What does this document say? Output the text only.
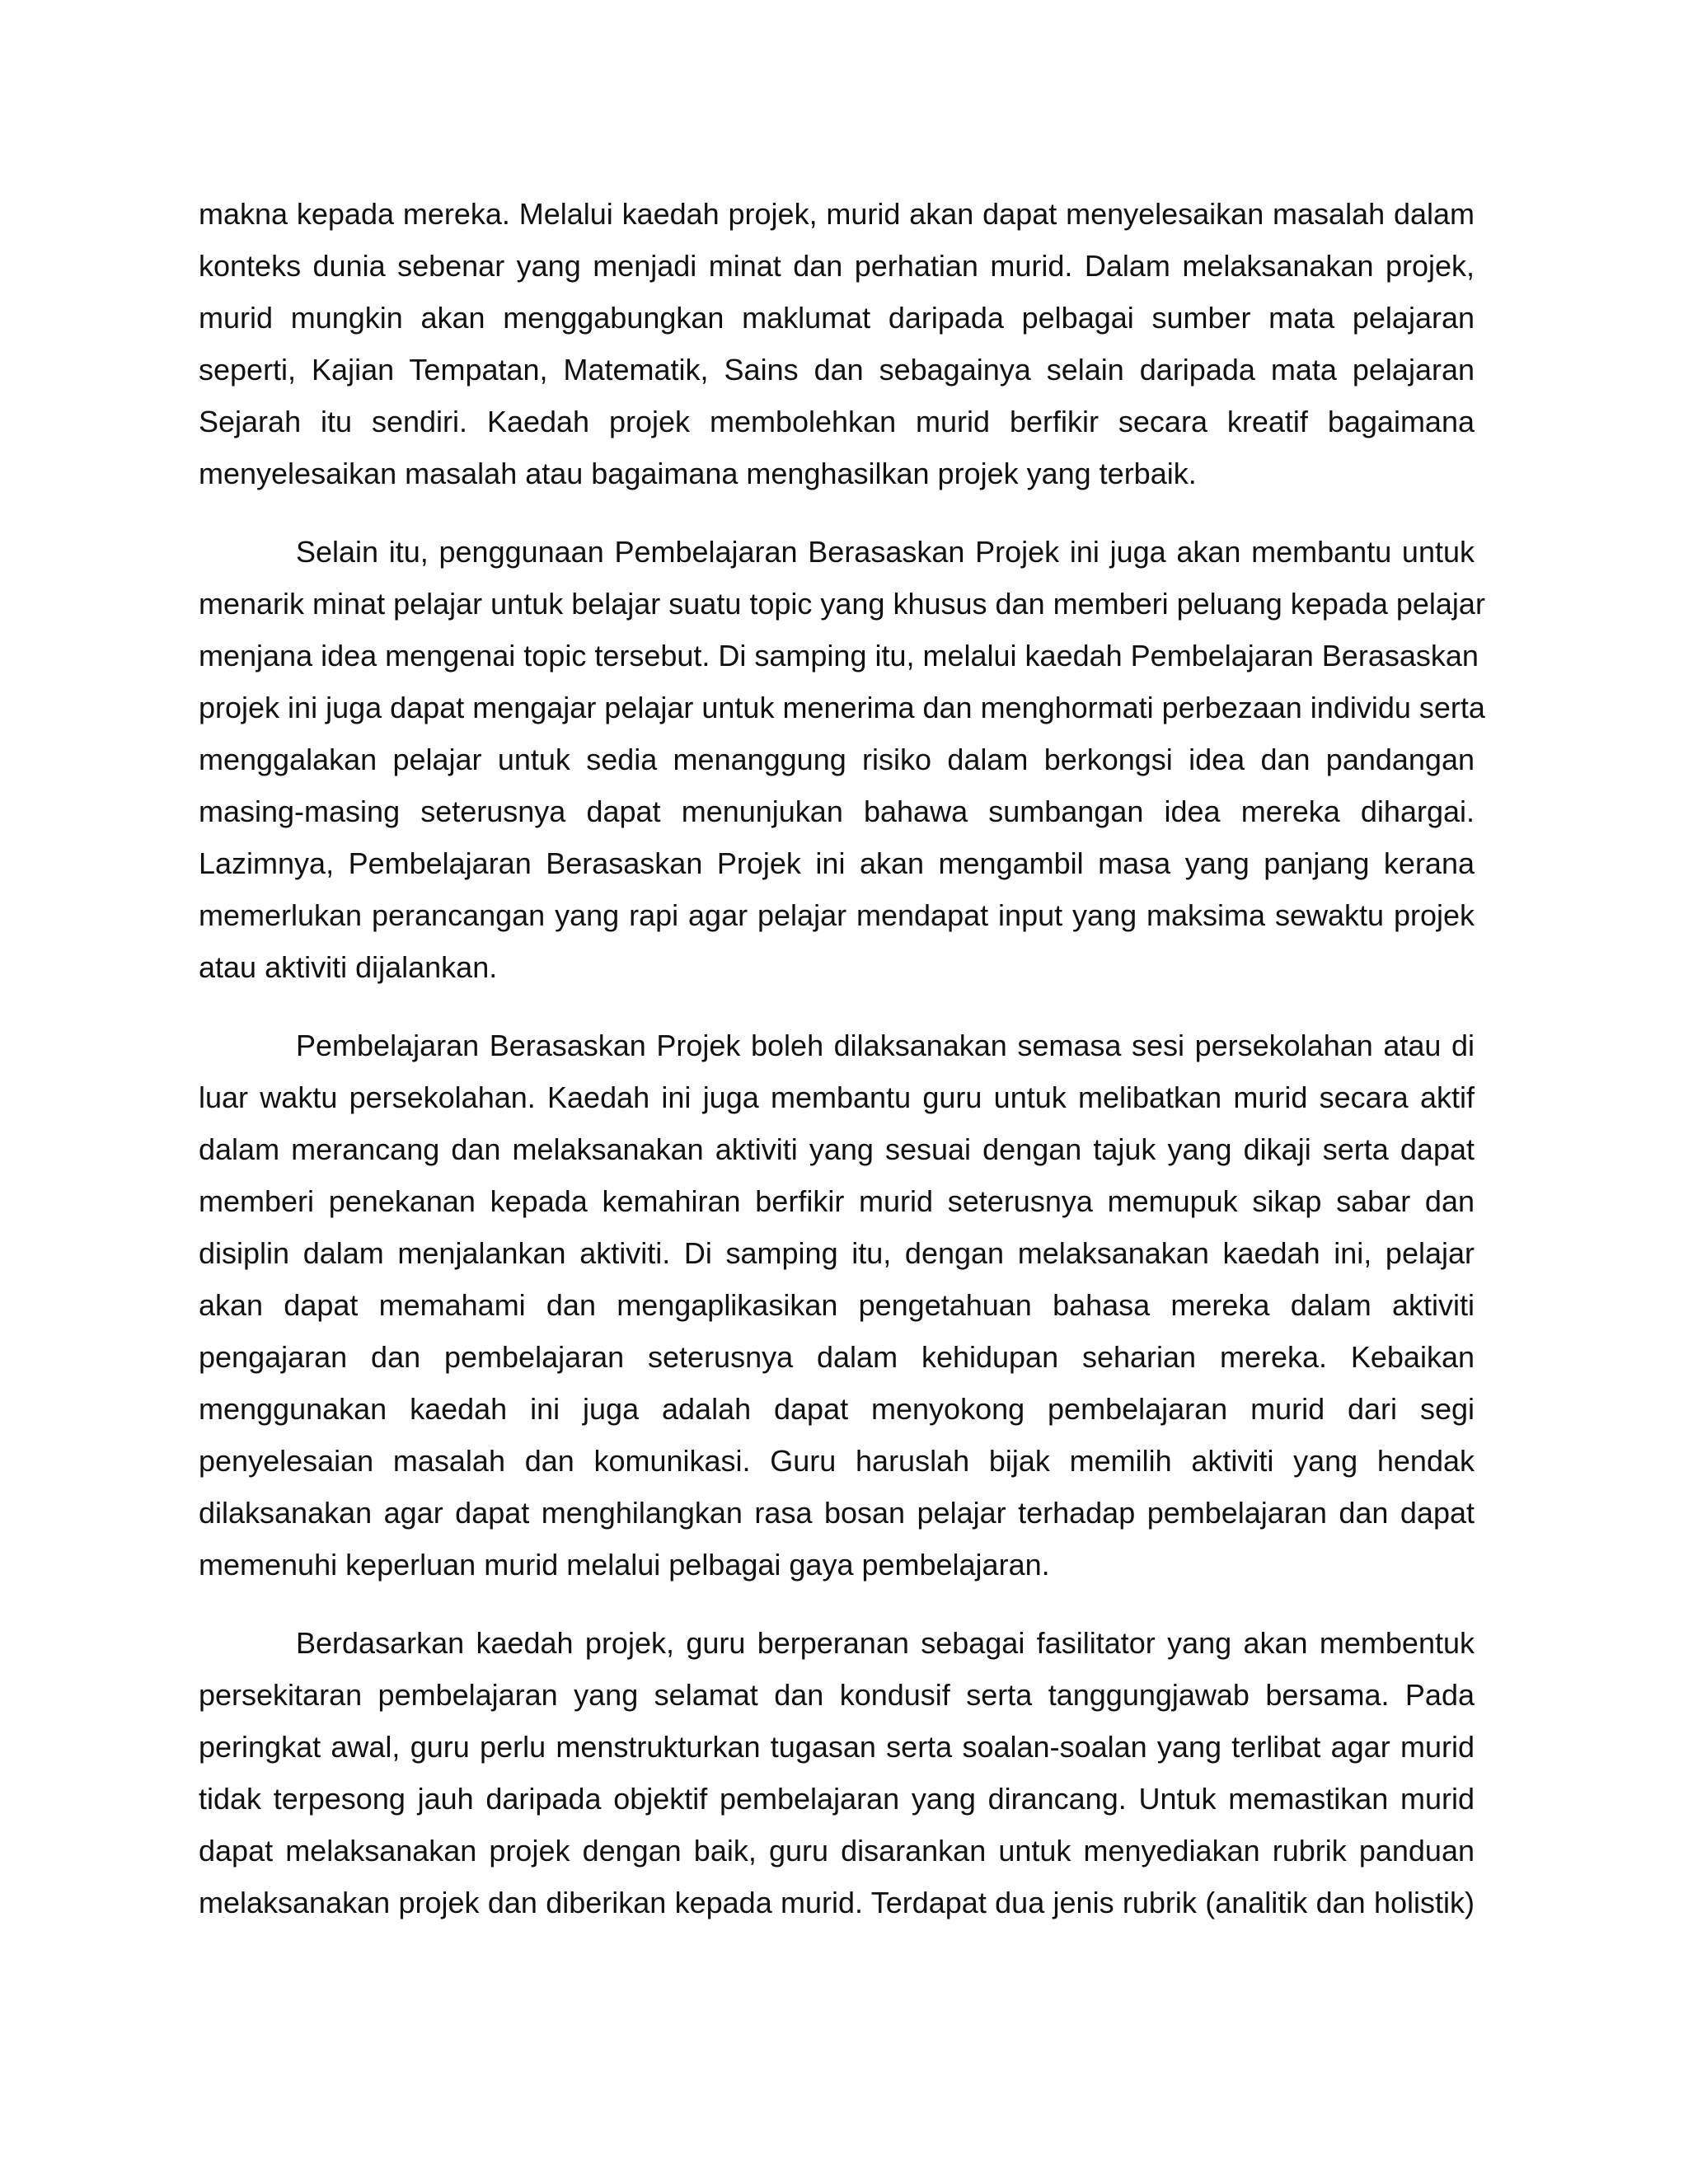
makna kepada mereka. Melalui kaedah projek, murid akan dapat menyelesaikan masalah dalam
konteks dunia sebenar yang menjadi minat dan perhatian murid. Dalam melaksanakan projek,
murid mungkin akan menggabungkan maklumat daripada pelbagai sumber mata pelajaran
seperti, Kajian Tempatan, Matematik, Sains dan sebagainya selain daripada mata pelajaran
Sejarah itu sendiri. Kaedah projek membolehkan murid berfikir secara kreatif bagaimana
menyelesaikan masalah atau bagaimana menghasilkan projek yang terbaik.
Selain itu, penggunaan Pembelajaran Berasaskan Projek ini juga akan membantu untuk
menarik minat pelajar untuk belajar suatu topic yang khusus dan memberi peluang kepada pelajar
menjana idea mengenai topic tersebut. Di samping itu, melalui kaedah Pembelajaran Berasaskan
projek ini juga dapat mengajar pelajar untuk menerima dan menghormati perbezaan individu serta
menggalakan pelajar untuk sedia menanggung risiko dalam berkongsi idea dan pandangan
masing-masing seterusnya dapat menunjukan bahawa sumbangan idea mereka dihargai.
Lazimnya, Pembelajaran Berasaskan Projek ini akan mengambil masa yang panjang kerana
memerlukan perancangan yang rapi agar pelajar mendapat input yang maksima sewaktu projek
atau aktiviti dijalankan.
Pembelajaran Berasaskan Projek boleh dilaksanakan semasa sesi persekolahan atau di
luar waktu persekolahan. Kaedah ini juga membantu guru untuk melibatkan murid secara aktif
dalam merancang dan melaksanakan aktiviti yang sesuai dengan tajuk yang dikaji serta dapat
memberi penekanan kepada kemahiran berfikir murid seterusnya memupuk sikap sabar dan
disiplin dalam menjalankan aktiviti. Di samping itu, dengan melaksanakan kaedah ini, pelajar
akan dapat memahami dan mengaplikasikan pengetahuan bahasa mereka dalam aktiviti
pengajaran dan pembelajaran seterusnya dalam kehidupan seharian mereka. Kebaikan
menggunakan kaedah ini juga adalah dapat menyokong pembelajaran murid dari segi
penyelesaian masalah dan komunikasi. Guru haruslah bijak memilih aktiviti yang hendak
dilaksanakan agar dapat menghilangkan rasa bosan pelajar terhadap pembelajaran dan dapat
memenuhi keperluan murid melalui pelbagai gaya pembelajaran.
Berdasarkan kaedah projek, guru berperanan sebagai fasilitator yang akan membentuk
persekitaran pembelajaran yang selamat dan kondusif serta tanggungjawab bersama. Pada
peringkat awal, guru perlu menstrukturkan tugasan serta soalan-soalan yang terlibat agar murid
tidak terpesong jauh daripada objektif pembelajaran yang dirancang. Untuk memastikan murid
dapat melaksanakan projek dengan baik, guru disarankan untuk menyediakan rubrik panduan
melaksanakan projek dan diberikan kepada murid. Terdapat dua jenis rubrik (analitik dan holistik)
